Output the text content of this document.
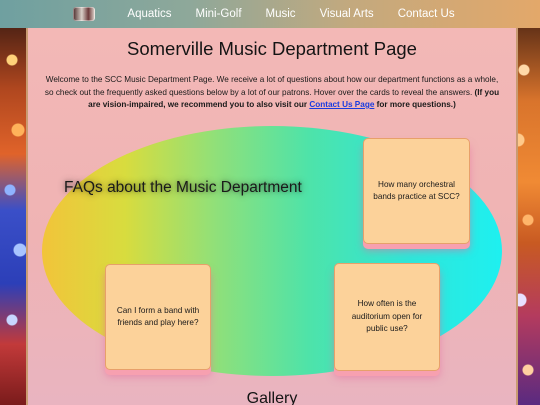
Aquatics Mini-Golf Music Visual Arts Contact Us
Somerville Music Department Page

Welcome to the SCC Music Department Page. We receive a lot of questions about how our department functions as a whole, so check out the frequently asked questions below by a lot of our patrons. Hover over the cards to reveal the answers. (If you are vision-impaired, we recommend you to also visit our Contact Us Page for more questions.)

FAQs about the Music Department	How many orchestral bands practice at SCC?
Can I form a band with friends and play here?
How often is the auditorium open for public use?
Gallery
